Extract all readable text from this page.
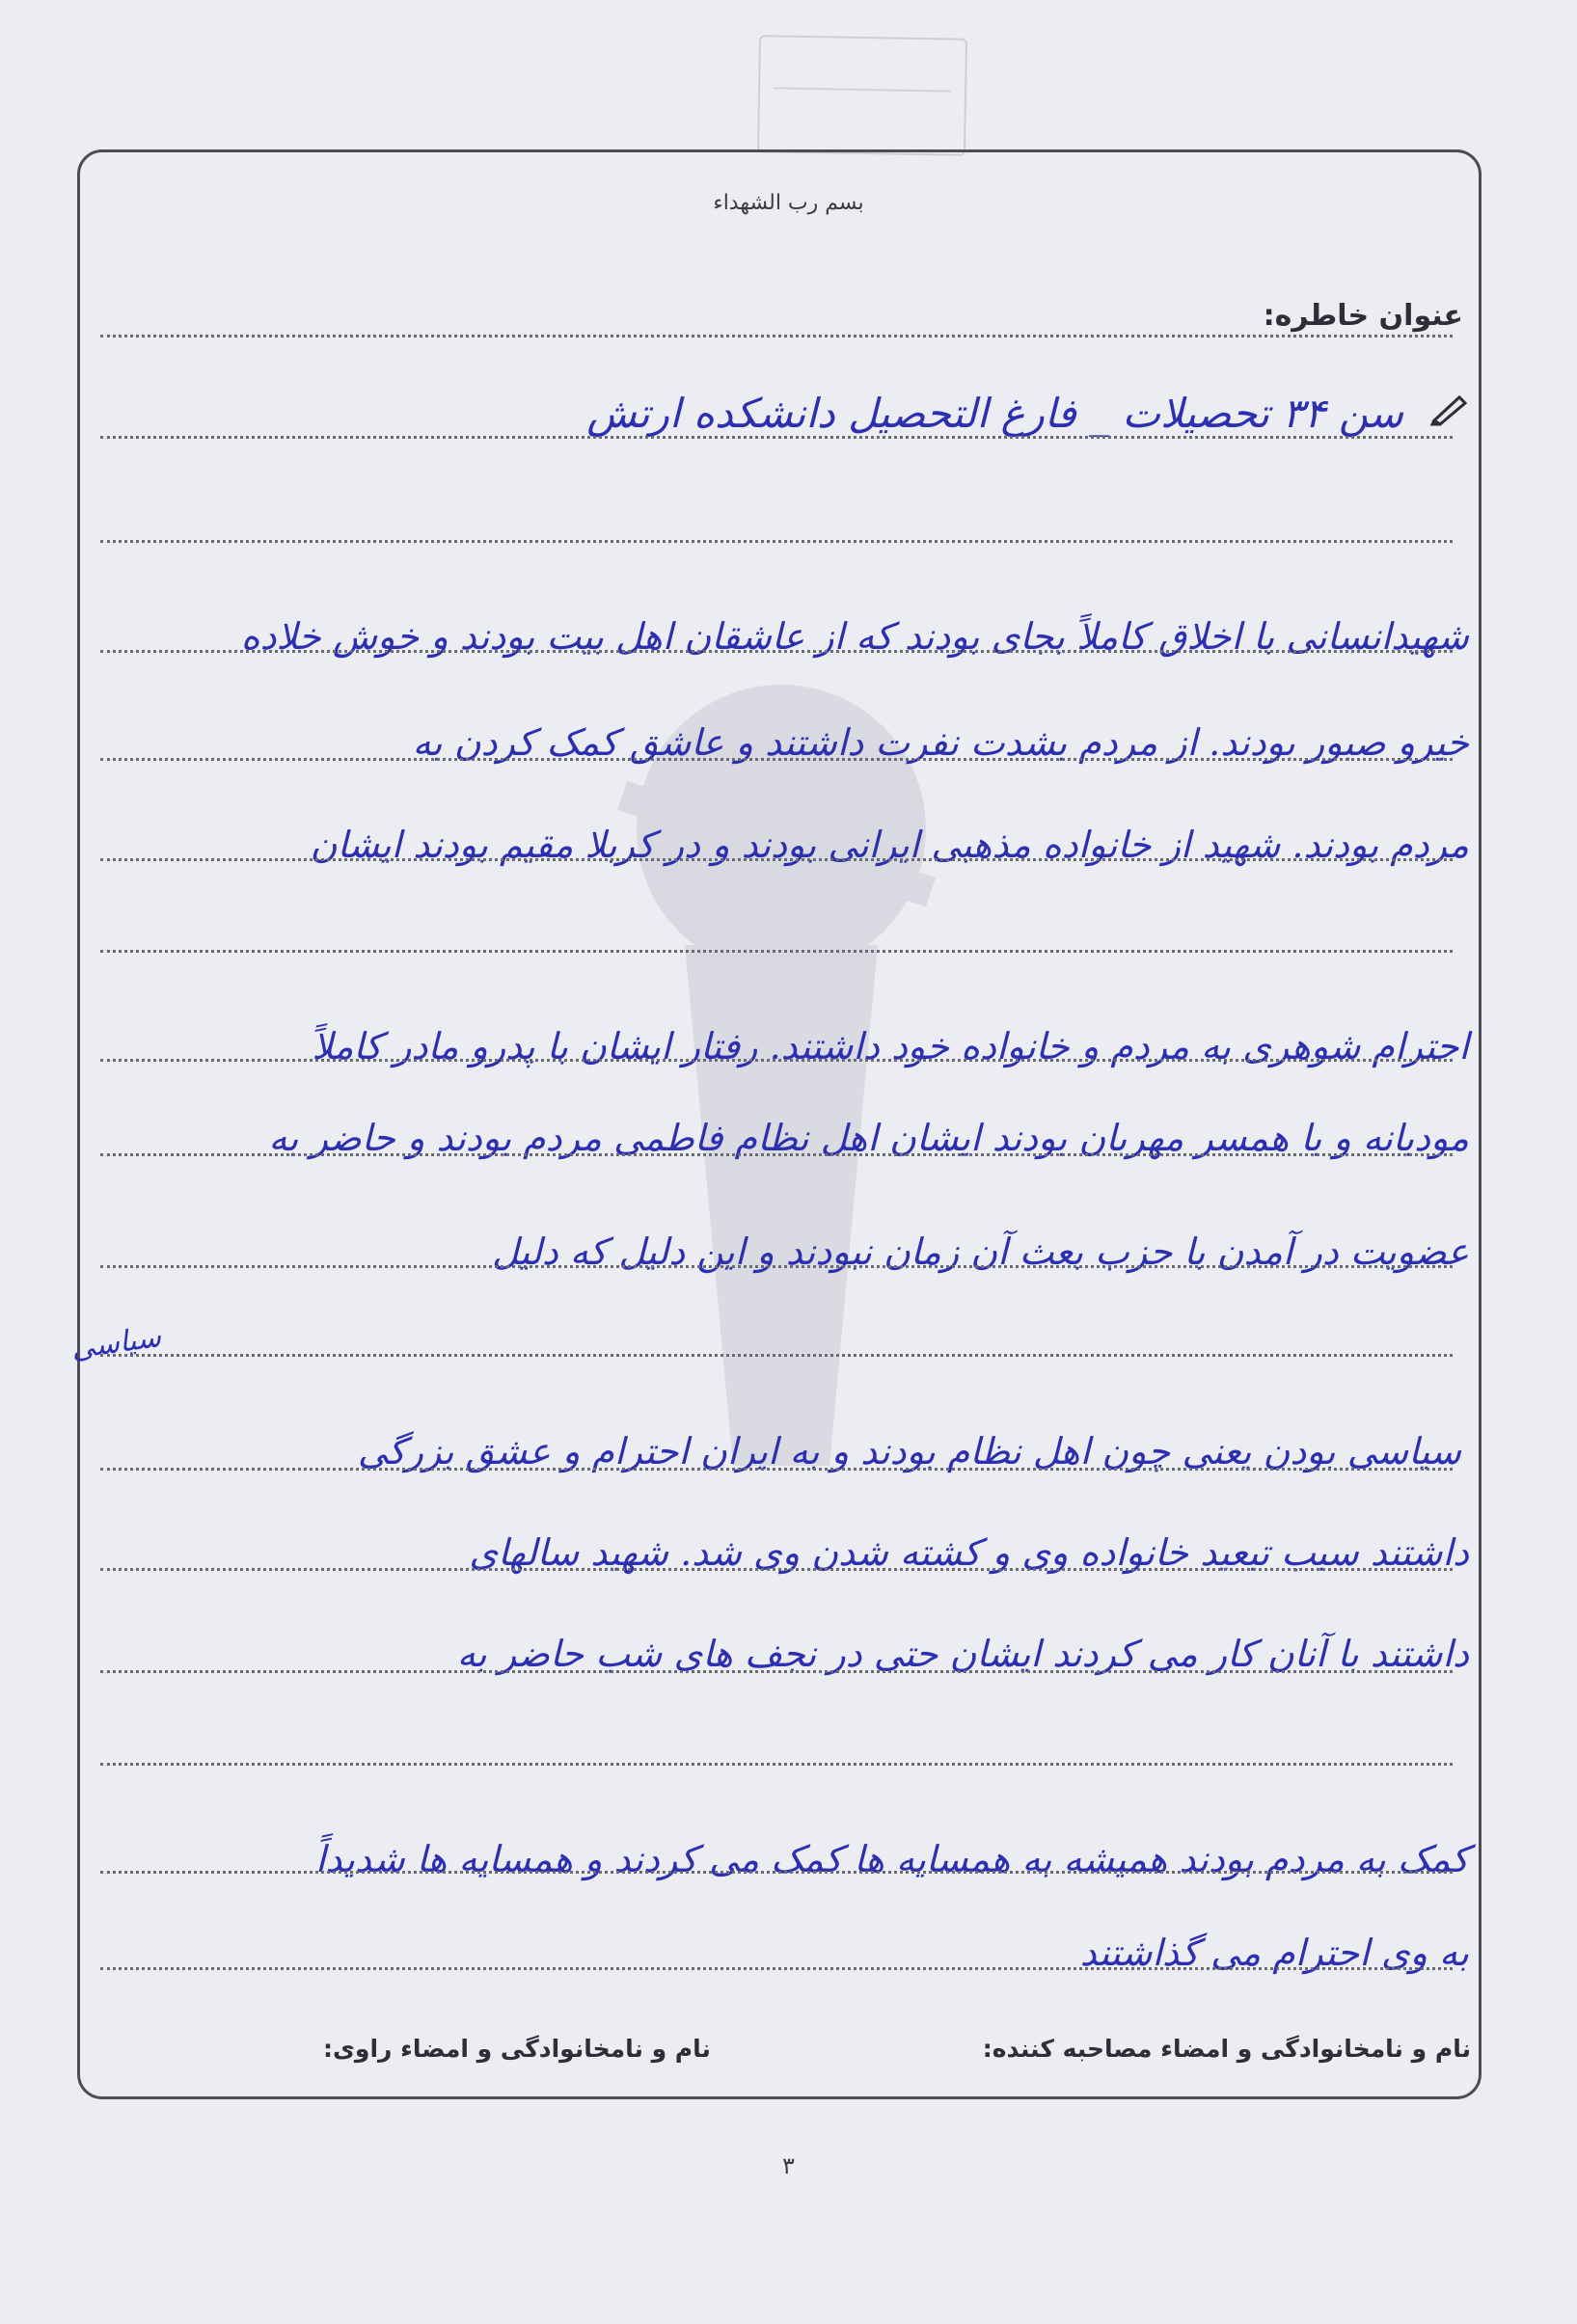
بسم رب الشهداء
عنوان خاطره:
سن ۳۴ تحصیلات _ فارغ التحصیل دانشکده ارتش
شهیدانسانی با اخلاق کاملاً بجای بودند که از عاشقان اهل بیت بودند و خوش خلاده
خیرو صبور بودند. از مردم بشدت نفرت داشتند و عاشق کمک کردن به
مردم بودند. شهید از خانواده مذهبی ایرانی بودند و در کربلا مقیم بودند ایشان
احترام شوهری به مردم و خانواده خود داشتند. رفتار ایشان با پدرو مادر کاملاً
مودبانه و با همسر مهربان بودند ایشان اهل نظام فاطمی مردم بودند و حاضر به
عضویت در آمدن با حزب بعث آن زمان نبودند و این دلیل که دلیل
سیاسی
سیاسی بودن یعنی چون اهل نظام بودند و به ایران احترام و عشق بزرگی
داشتند سبب تبعید خانواده وی و کشته شدن وی شد. شهید سالهای
داشتند با آنان کار می کردند ایشان حتی در نجف های شب حاضر به
کمک به مردم بودند همیشه به همسایه ها کمک می کردند و همسایه ها شدیداً
به وی احترام می گذاشتند
نام و نامخانوادگی و امضاء مصاحبه کننده:
نام و نامخانوادگی و امضاء راوی:
۳
